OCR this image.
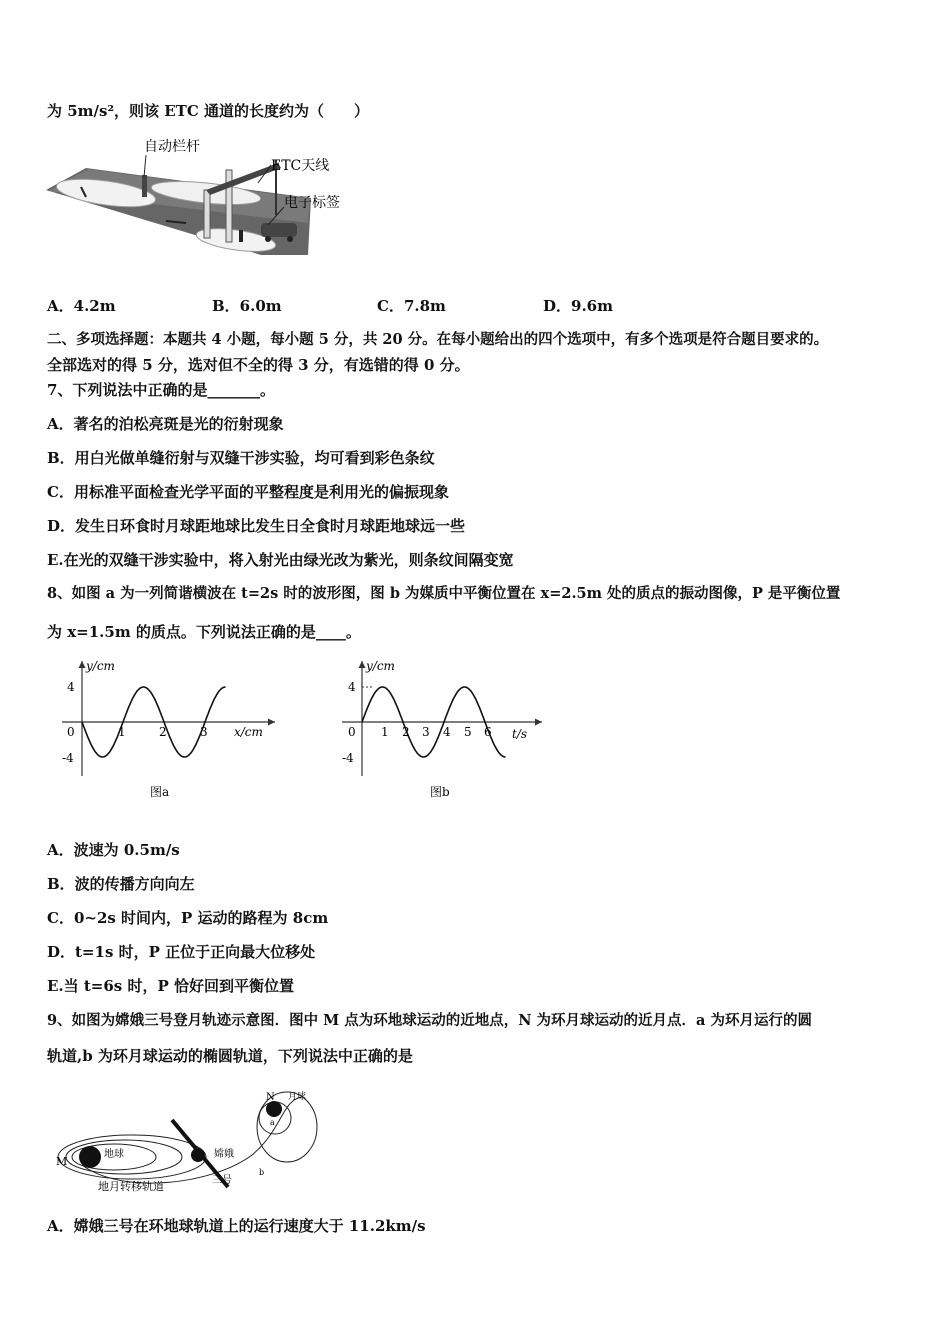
为 5m/s²，则该 ETC 通道的长度约为（　　）
自动栏杆
ETC天线
电子标签
A．4.2m	B．6.0m	C．7.8m	D．9.6m
二、多项选择题：本题共 4 小题，每小题 5 分，共 20 分。在每小题给出的四个选项中，有多个选项是符合题目要求的。
全部选对的得 5 分，选对但不全的得 3 分，有选错的得 0 分。
7、下列说法中正确的是_______。
A．著名的泊松亮斑是光的衍射现象
B．用白光做单缝衍射与双缝干涉实验，均可看到彩色条纹
C．用标准平面检查光学平面的平整程度是利用光的偏振现象
D．发生日环食时月球距地球比发生日全食时月球距地球远一些
E.在光的双缝干涉实验中，将入射光由绿光改为紫光，则条纹间隔变宽
8、如图 a 为一列简谐横波在 t=2s 时的波形图，图 b 为媒质中平衡位置在 x=2.5m 处的质点的振动图像，P 是平衡位置
为 x=1.5m 的质点。下列说法正确的是____。
y/cm
x/cm
4
-4
0	1	2	3
图a
y/cm
t/s
4
-4
0 1 2 3 4 5 6
图b
A．波速为 0.5m/s
B．波的传播方向向左
C．0~2s 时间内，P 运动的路程为 8cm
D．t=1s 时，P 正位于正向最大位移处
E.当 t=6s 时，P 恰好回到平衡位置
9、如图为嫦娥三号登月轨迹示意图．图中 M 点为环地球运动的近地点，N 为环月球运动的近月点．a 为环月运行的圆
轨道,b 为环月球运动的椭圆轨道，下列说法中正确的是
M
地球
N 月球
a
b
嫦娥
三号
地月转移轨道
A．嫦娥三号在环地球轨道上的运行速度大于 11.2km/s
